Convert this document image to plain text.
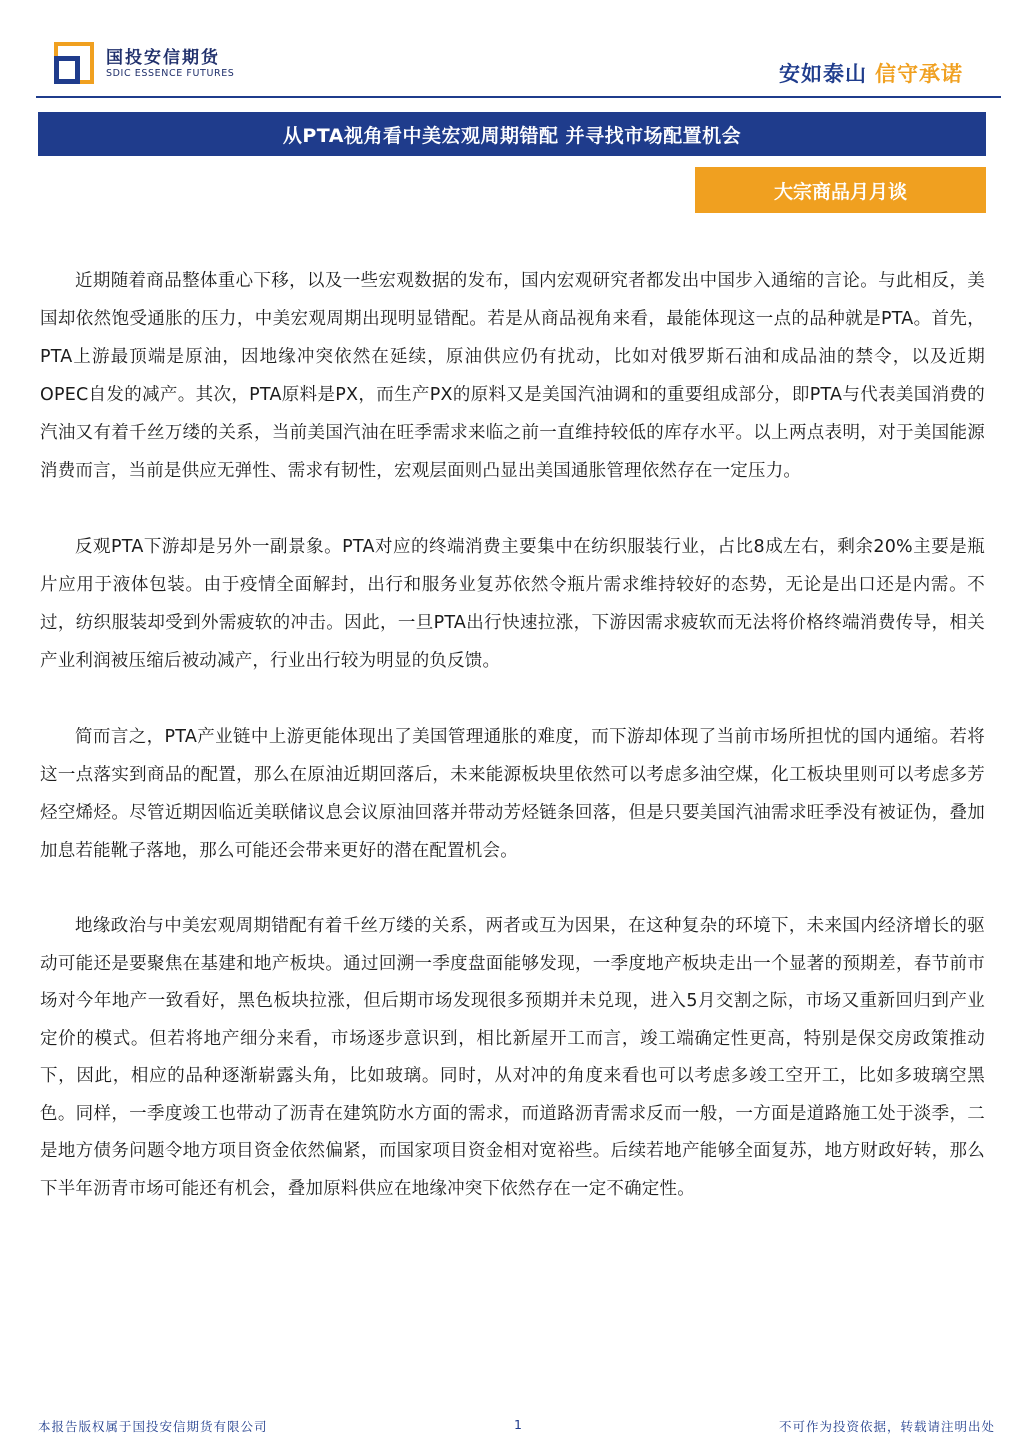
国投安信期货
SDIC ESSENCE FUTURES	安如泰山 信守承诺
从PTA视角看中美宏观周期错配 并寻找市场配置机会
大宗商品月月谈

近期随着商品整体重心下移，以及一些宏观数据的发布，国内宏观研究者都发出中国步入通缩的言论。与此相反，美国却依然饱受通胀的压力，中美宏观周期出现明显错配。若是从商品视角来看，最能体现这一点的品种就是PTA。首先，PTA上游最顶端是原油，因地缘冲突依然在延续，原油供应仍有扰动，比如对俄罗斯石油和成品油的禁令，以及近期OPEC自发的减产。其次，PTA原料是PX，而生产PX的原料又是美国汽油调和的重要组成部分，即PTA与代表美国消费的汽油又有着千丝万缕的关系，当前美国汽油在旺季需求来临之前一直维持较低的库存水平。以上两点表明，对于美国能源消费而言，当前是供应无弹性、需求有韧性，宏观层面则凸显出美国通胀管理依然存在一定压力。

反观PTA下游却是另外一副景象。PTA对应的终端消费主要集中在纺织服装行业，占比8成左右，剩余20%主要是瓶片应用于液体包装。由于疫情全面解封，出行和服务业复苏依然令瓶片需求维持较好的态势，无论是出口还是内需。不过，纺织服装却受到外需疲软的冲击。因此，一旦PTA出行快速拉涨，下游因需求疲软而无法将价格终端消费传导，相关产业利润被压缩后被动减产，行业出行较为明显的负反馈。

简而言之，PTA产业链中上游更能体现出了美国管理通胀的难度，而下游却体现了当前市场所担忧的国内通缩。若将这一点落实到商品的配置，那么在原油近期回落后，未来能源板块里依然可以考虑多油空煤，化工板块里则可以考虑多芳烃空烯烃。尽管近期因临近美联储议息会议原油回落并带动芳烃链条回落，但是只要美国汽油需求旺季没有被证伪，叠加加息若能靴子落地，那么可能还会带来更好的潜在配置机会。

地缘政治与中美宏观周期错配有着千丝万缕的关系，两者或互为因果，在这种复杂的环境下，未来国内经济增长的驱动可能还是要聚焦在基建和地产板块。通过回溯一季度盘面能够发现，一季度地产板块走出一个显著的预期差，春节前市场对今年地产一致看好，黑色板块拉涨，但后期市场发现很多预期并未兑现，进入5月交割之际，市场又重新回归到产业定价的模式。但若将地产细分来看，市场逐步意识到，相比新屋开工而言，竣工端确定性更高，特别是保交房政策推动下，因此，相应的品种逐渐崭露头角，比如玻璃。同时，从对冲的角度来看也可以考虑多竣工空开工，比如多玻璃空黑色。同样，一季度竣工也带动了沥青在建筑防水方面的需求，而道路沥青需求反而一般，一方面是道路施工处于淡季，二是地方债务问题令地方项目资金依然偏紧，而国家项目资金相对宽裕些。后续若地产能够全面复苏，地方财政好转，那么下半年沥青市场可能还有机会，叠加原料供应在地缘冲突下依然存在一定不确定性。

本报告版权属于国投安信期货有限公司	1	不可作为投资依据，转载请注明出处
